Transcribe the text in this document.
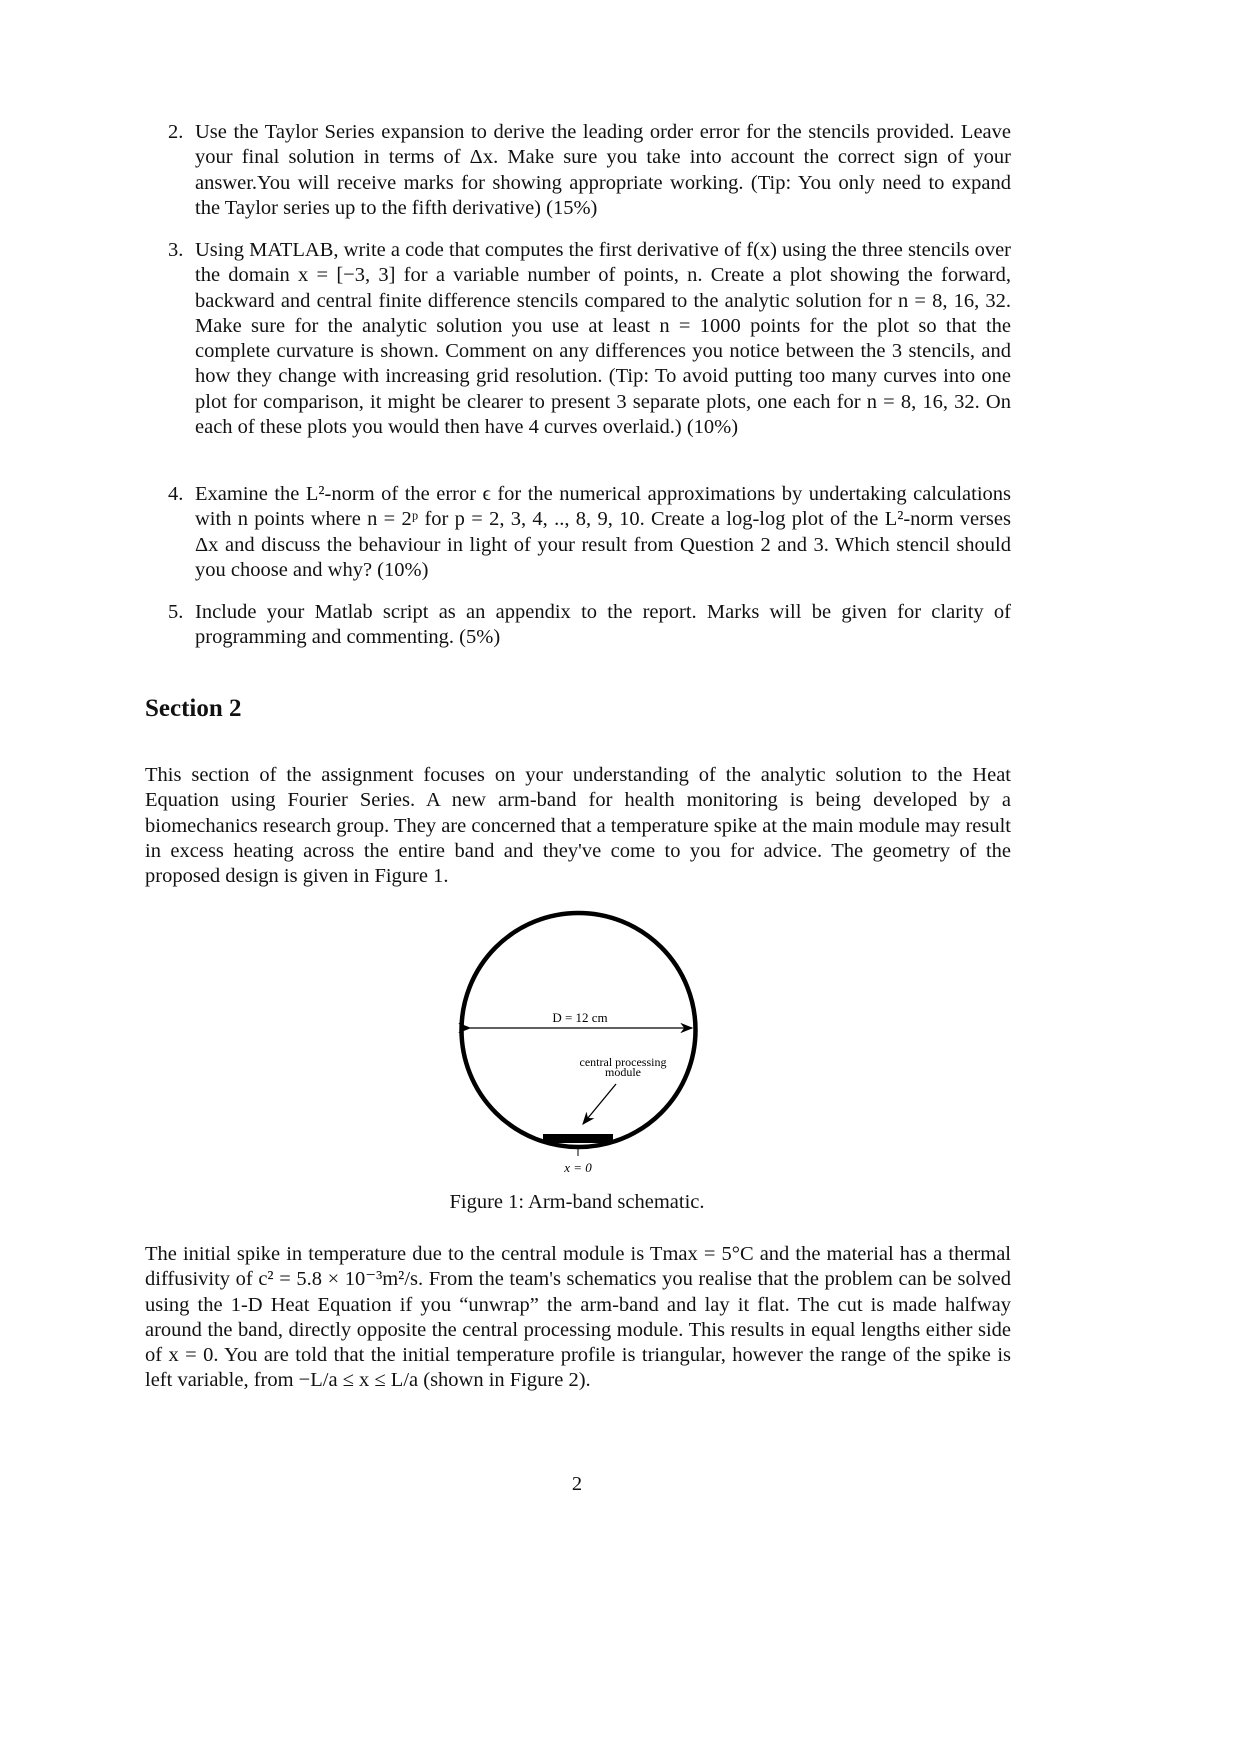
2. Use the Taylor Series expansion to derive the leading order error for the stencils provided. Leave your final solution in terms of Δx. Make sure you take into account the correct sign of your answer.You will receive marks for showing appropriate working. (Tip: You only need to expand the Taylor series up to the fifth derivative) (15%)
3. Using MATLAB, write a code that computes the first derivative of f(x) using the three stencils over the domain x = [−3, 3] for a variable number of points, n. Create a plot showing the forward, backward and central finite difference stencils compared to the analytic solution for n = 8, 16, 32. Make sure for the analytic solution you use at least n = 1000 points for the plot so that the complete curvature is shown. Comment on any differences you notice between the 3 stencils, and how they change with increasing grid resolution. (Tip: To avoid putting too many curves into one plot for comparison, it might be clearer to present 3 separate plots, one each for n = 8, 16, 32. On each of these plots you would then have 4 curves overlaid.) (10%)
4. Examine the L²-norm of the error ϵ for the numerical approximations by undertaking calculations with n points where n = 2ᵖ for p = 2, 3, 4, .., 8, 9, 10. Create a log-log plot of the L²-norm verses Δx and discuss the behaviour in light of your result from Question 2 and 3. Which stencil should you choose and why? (10%)
5. Include your Matlab script as an appendix to the report. Marks will be given for clarity of programming and commenting. (5%)
Section 2
This section of the assignment focuses on your understanding of the analytic solution to the Heat Equation using Fourier Series. A new arm-band for health monitoring is being developed by a biomechanics research group. They are concerned that a temperature spike at the main module may result in excess heating across the entire band and they've come to you for advice. The geometry of the proposed design is given in Figure 1.
D = 12 cm
central processing
module
x = 0
Figure 1: Arm-band schematic.
The initial spike in temperature due to the central module is Tmax = 5°C and the material has a thermal diffusivity of c² = 5.8 × 10⁻³m²/s. From the team's schematics you realise that the problem can be solved using the 1-D Heat Equation if you “unwrap” the arm-band and lay it flat. The cut is made halfway around the band, directly opposite the central processing module. This results in equal lengths either side of x = 0. You are told that the initial temperature profile is triangular, however the range of the spike is left variable, from −L/a ≤ x ≤ L/a (shown in Figure 2).
2
